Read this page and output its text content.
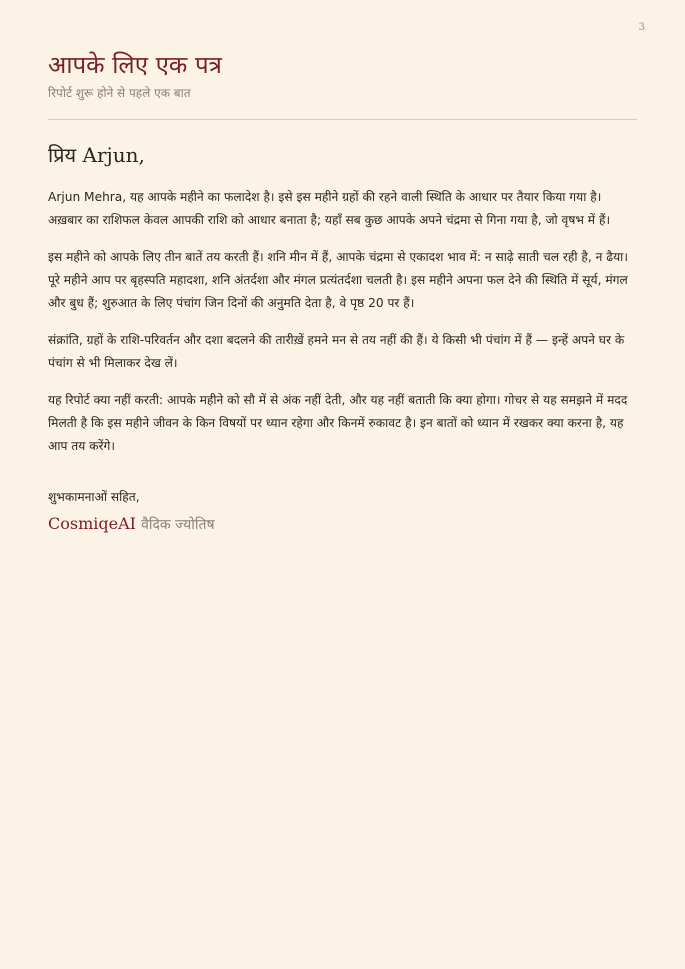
3
आपके लिए एक पत्र
रिपोर्ट शुरू होने से पहले एक बात

प्रिय Arjun,

Arjun Mehra, यह आपके महीने का फलादेश है। इसे इस महीने ग्रहों की रहने वाली स्थिति के आधार पर तैयार किया गया है। अख़बार का राशिफल केवल आपकी राशि को आधार बनाता है; यहाँ सब कुछ आपके अपने चंद्रमा से गिना गया है, जो वृषभ में हैं।

इस महीने को आपके लिए तीन बातें तय करती हैं। शनि मीन में हैं, आपके चंद्रमा से एकादश भाव में: न साढ़े साती चल रही है, न ढैया। पूरे महीने आप पर बृहस्पति महादशा, शनि अंतर्दशा और मंगल प्रत्यंतर्दशा चलती है। इस महीने अपना फल देने की स्थिति में सूर्य, मंगल और बुध हैं; शुरुआत के लिए पंचांग जिन दिनों की अनुमति देता है, वे पृष्ठ 20 पर हैं।

संक्रांति, ग्रहों के राशि-परिवर्तन और दशा बदलने की तारीख़ें हमने मन से तय नहीं की हैं। ये किसी भी पंचांग में हैं — इन्हें अपने घर के पंचांग से भी मिलाकर देख लें।

यह रिपोर्ट क्या नहीं करती: आपके महीने को सौ में से अंक नहीं देती, और यह नहीं बताती कि क्या होगा। गोचर से यह समझने में मदद मिलती है कि इस महीने जीवन के किन विषयों पर ध्यान रहेगा और किनमें रुकावट है। इन बातों को ध्यान में रखकर क्या करना है, यह आप तय करेंगे।

शुभकामनाओं सहित,
CosmiqeAI वैदिक ज्योतिष
